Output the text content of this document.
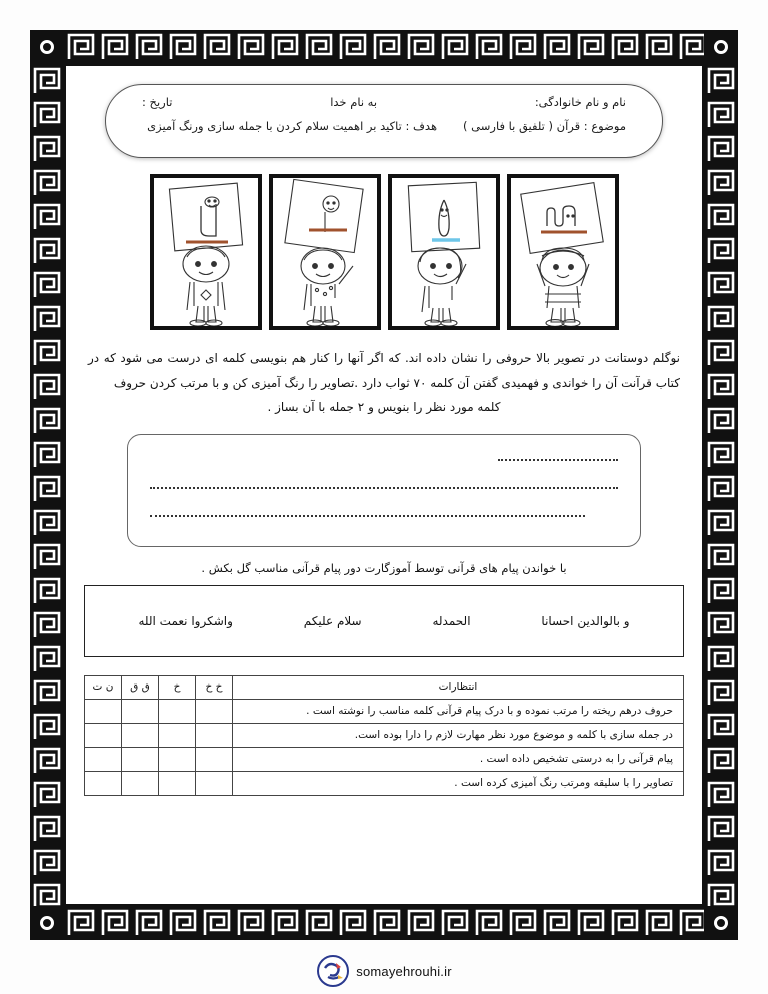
نام و نام خانوادگی:
به نام خدا
تاریخ :
موضوع : قرآن ( تلفیق با فارسی )
هدف : تاکید بر اهمیت سلام کردن با جمله سازی ورنگ آمیزی
نوگلم دوستانت در تصویر بالا حروفی را نشان داده اند. که اگر آنها را کنار هم بنویسی کلمه ای درست می شود که در کتاب قرآنت آن را خواندی و فهمیدی گفتن آن کلمه ۷۰ ثواب دارد .تصاویر را رنگ آمیزی کن و با مرتب کردن حروف
کلمه مورد نظر را بنویس و ۲ جمله با آن بساز .
با خواندن پیام های قرآنی توسط آموزگارت دور پیام قرآنی مناسب گل بکش .
و بالوالدین احسانا
الحمدله
سلام علیکم
واشکروا نعمت الله
انتظارات	خ خ	خ	ق ق	ن ت
حروف درهم ریخته را مرتب نموده و با درک پیام قرآنی کلمه مناسب را نوشته است .				
در جمله سازی با کلمه و موضوع مورد نظر مهارت لازم را دارا بوده است.				
پیام قرآنی را به درستی تشخیص داده است .				
تصاویر را با سلیقه ومرتب رنگ آمیزی کرده است .				
somayehrouhi.ir
